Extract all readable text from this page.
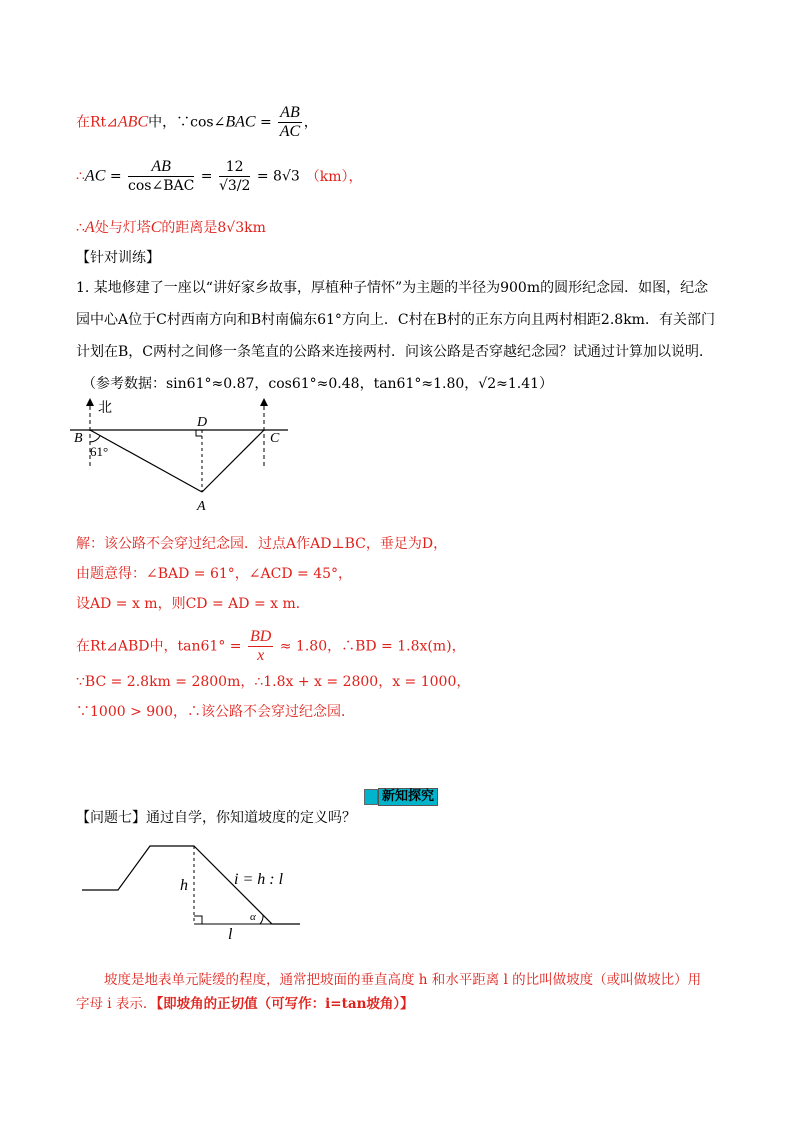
在Rt⊿ABC中，∵cos∠BAC = $\frac{AB}{AC}$ ，
∴AC = $\frac{AB}{\text{cos∠BAC}} = \frac{12}{√3/2} = 8√3$ （km），
∴A处与灯塔C的距离是8√3km
【针对训练】
1. 某地修建了一座以“讲好家乡故事，厚植种子情怀”为主题的半径为900m的圆形纪念园．如图，纪念
园中心A位于C村西南方向和B村南偏东61°方向上．C村在B村的正东方向且两村相距2.8km．有关部门
计划在B，C两村之间修一条笔直的公路来连接两村．问该公路是否穿越纪念园？试通过计算加以说明．
（参考数据：sin61°≈0.87，cos61°≈0.48，tan61°≈1.80，√2≈1.41）
北
B	C
D
A
61°
解：该公路不会穿过纪念园．过点A作AD⊥BC，垂足为D，
由题意得：∠BAD = 61°，∠ACD = 45°，
设AD = x m，则CD = AD = x m．
在Rt⊿ABD中，$\tan 61^\circ = \frac{BD}{x} \approx 1.80$，∴BD = 1.8x(m)，
∵BC = 2.8km = 2800m，∴1.8x + x = 2800，x = 1000，
∵1000 > 900，∴该公路不会穿过纪念园．
新知探究
【问题七】通过自学，你知道坡度的定义吗？
h
l
i = h : l
α
坡度是地表单元陡缓的程度，通常把坡面的垂直高度 h 和水平距离 l 的比叫做坡度（或叫做坡比）用
字母 i 表示．【即坡角的正切值（可写作：i=tan坡角）】
